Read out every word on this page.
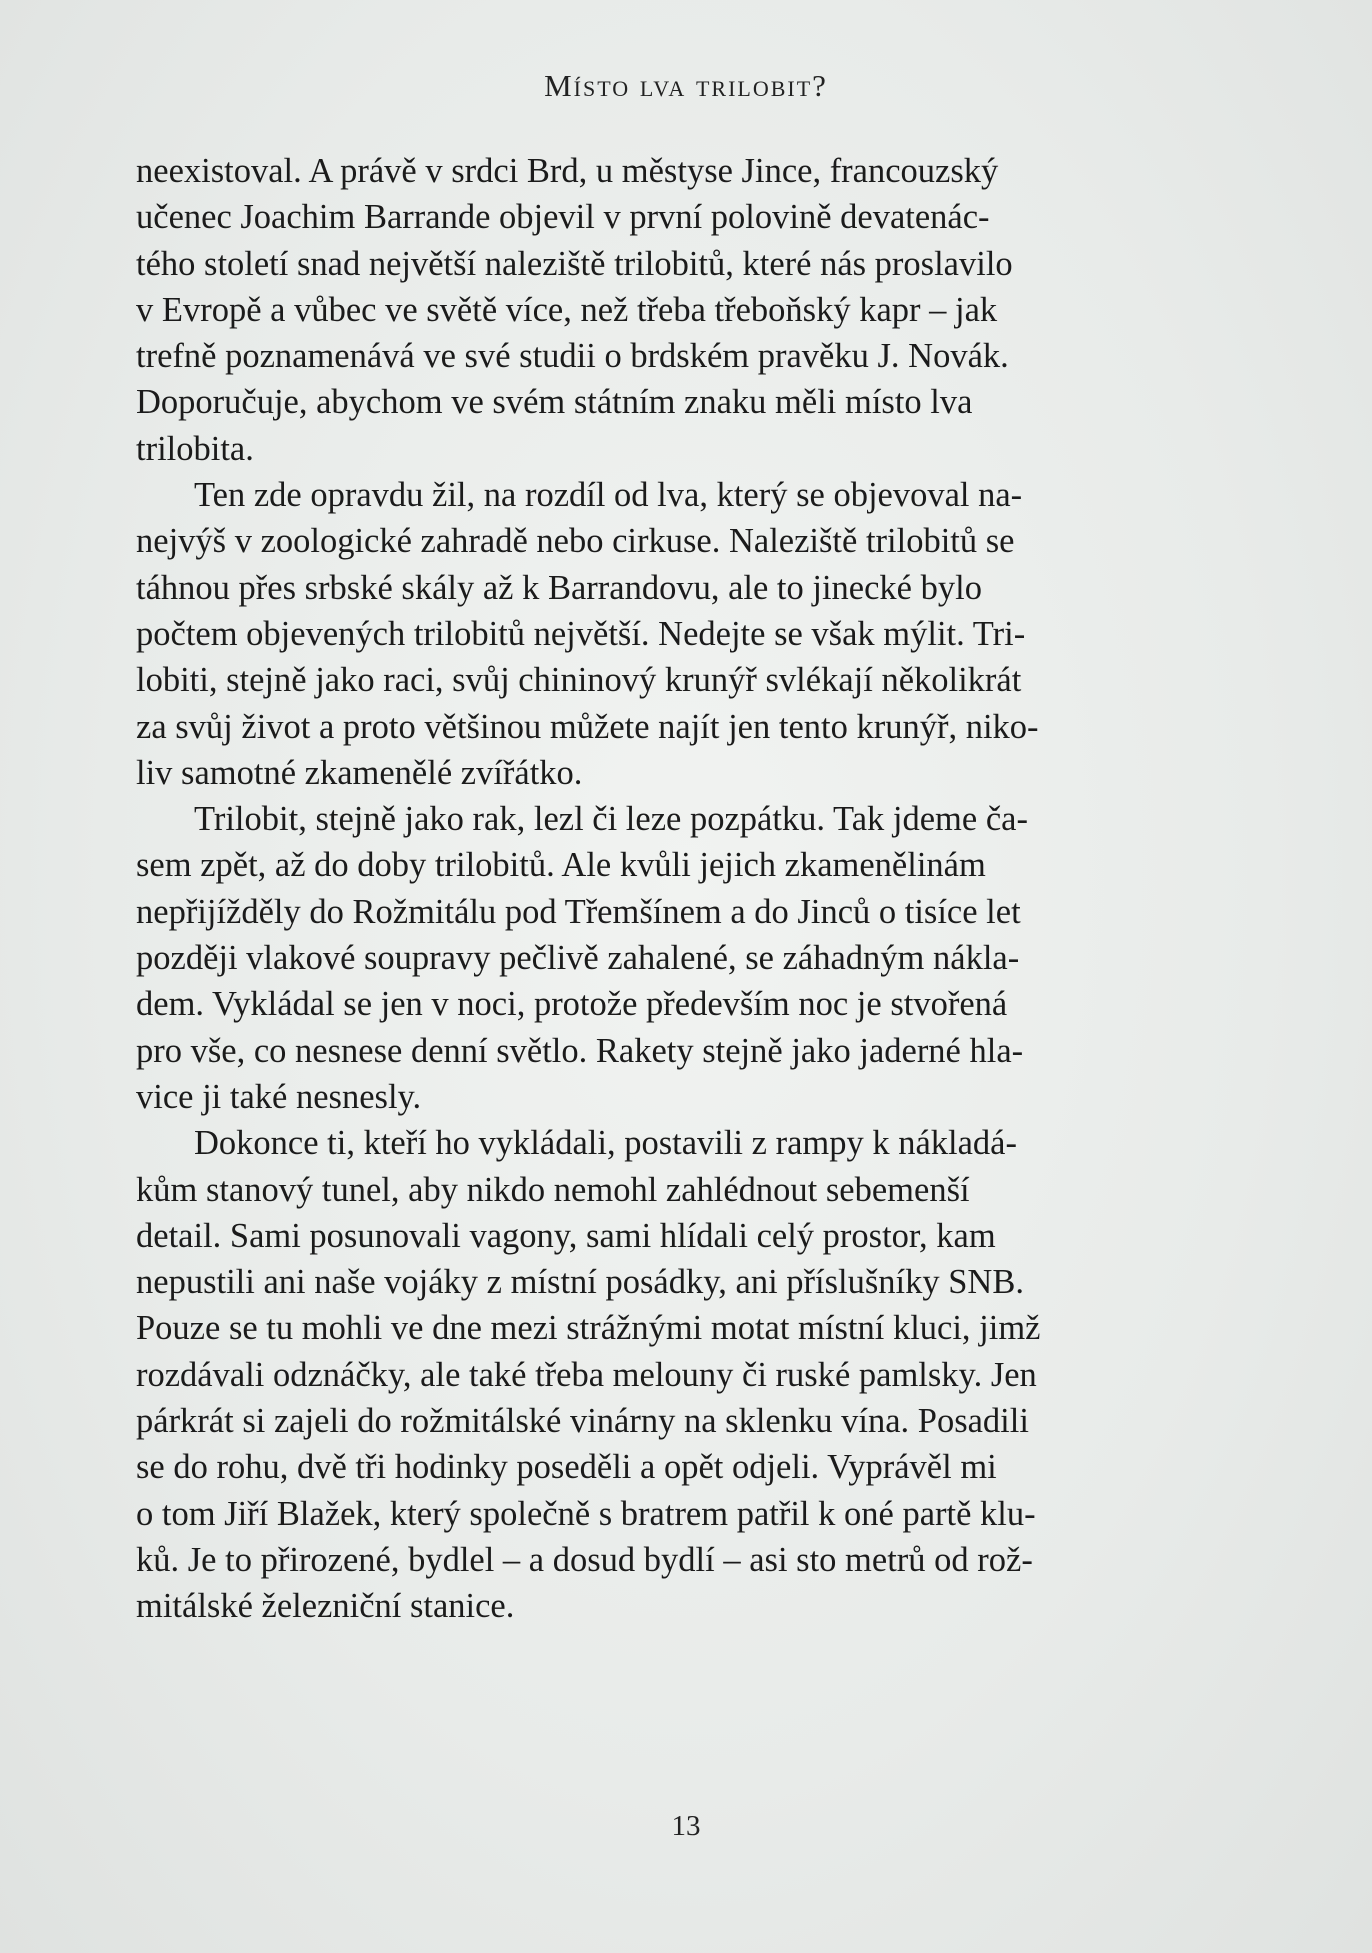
Místo lva trilobit?

neexistoval. A právě v srdci Brd, u městyse Jince, francouzský
učenec Joachim Barrande objevil v první polovině devatenác-
tého století snad největší naleziště trilobitů, které nás proslavilo
v Evropě a vůbec ve světě více, než třeba třeboňský kapr – jak
trefně poznamenává ve své studii o brdském pravěku J. Novák.
Doporučuje, abychom ve svém státním znaku měli místo lva
trilobita.

Ten zde opravdu žil, na rozdíl od lva, který se objevoval na-
nejvýš v zoologické zahradě nebo cirkuse. Naleziště trilobitů se
táhnou přes srbské skály až k Barrandovu, ale to jinecké bylo
počtem objevených trilobitů největší. Nedejte se však mýlit. Tri-
lobiti, stejně jako raci, svůj chininový krunýř svlékají několikrát
za svůj život a proto většinou můžete najít jen tento krunýř, niko-
liv samotné zkamenělé zvířátko.

Trilobit, stejně jako rak, lezl či leze pozpátku. Tak jdeme ča-
sem zpět, až do doby trilobitů. Ale kvůli jejich zkamenělinám
nepřijížděly do Rožmitálu pod Třemšínem a do Jinců o tisíce let
později vlakové soupravy pečlivě zahalené, se záhadným nákla-
dem. Vykládal se jen v noci, protože především noc je stvořená
pro vše, co nesnese denní světlo. Rakety stejně jako jaderné hla-
vice ji také nesnesly.

Dokonce ti, kteří ho vykládali, postavili z rampy k nákladá-
kům stanový tunel, aby nikdo nemohl zahlédnout sebemenší
detail. Sami posunovali vagony, sami hlídali celý prostor, kam
nepustili ani naše vojáky z místní posádky, ani příslušníky SNB.
Pouze se tu mohli ve dne mezi strážnými motat místní kluci, jimž
rozdávali odznáčky, ale také třeba melouny či ruské pamlsky. Jen
párkrát si zajeli do rožmitálské vinárny na sklenku vína. Posadili
se do rohu, dvě tři hodinky poseděli a opět odjeli. Vyprávěl mi
o tom Jiří Blažek, který společně s bratrem patřil k oné partě klu-
ků. Je to přirozené, bydlel – a dosud bydlí – asi sto metrů od rož-
mitálské železniční stanice.

13
